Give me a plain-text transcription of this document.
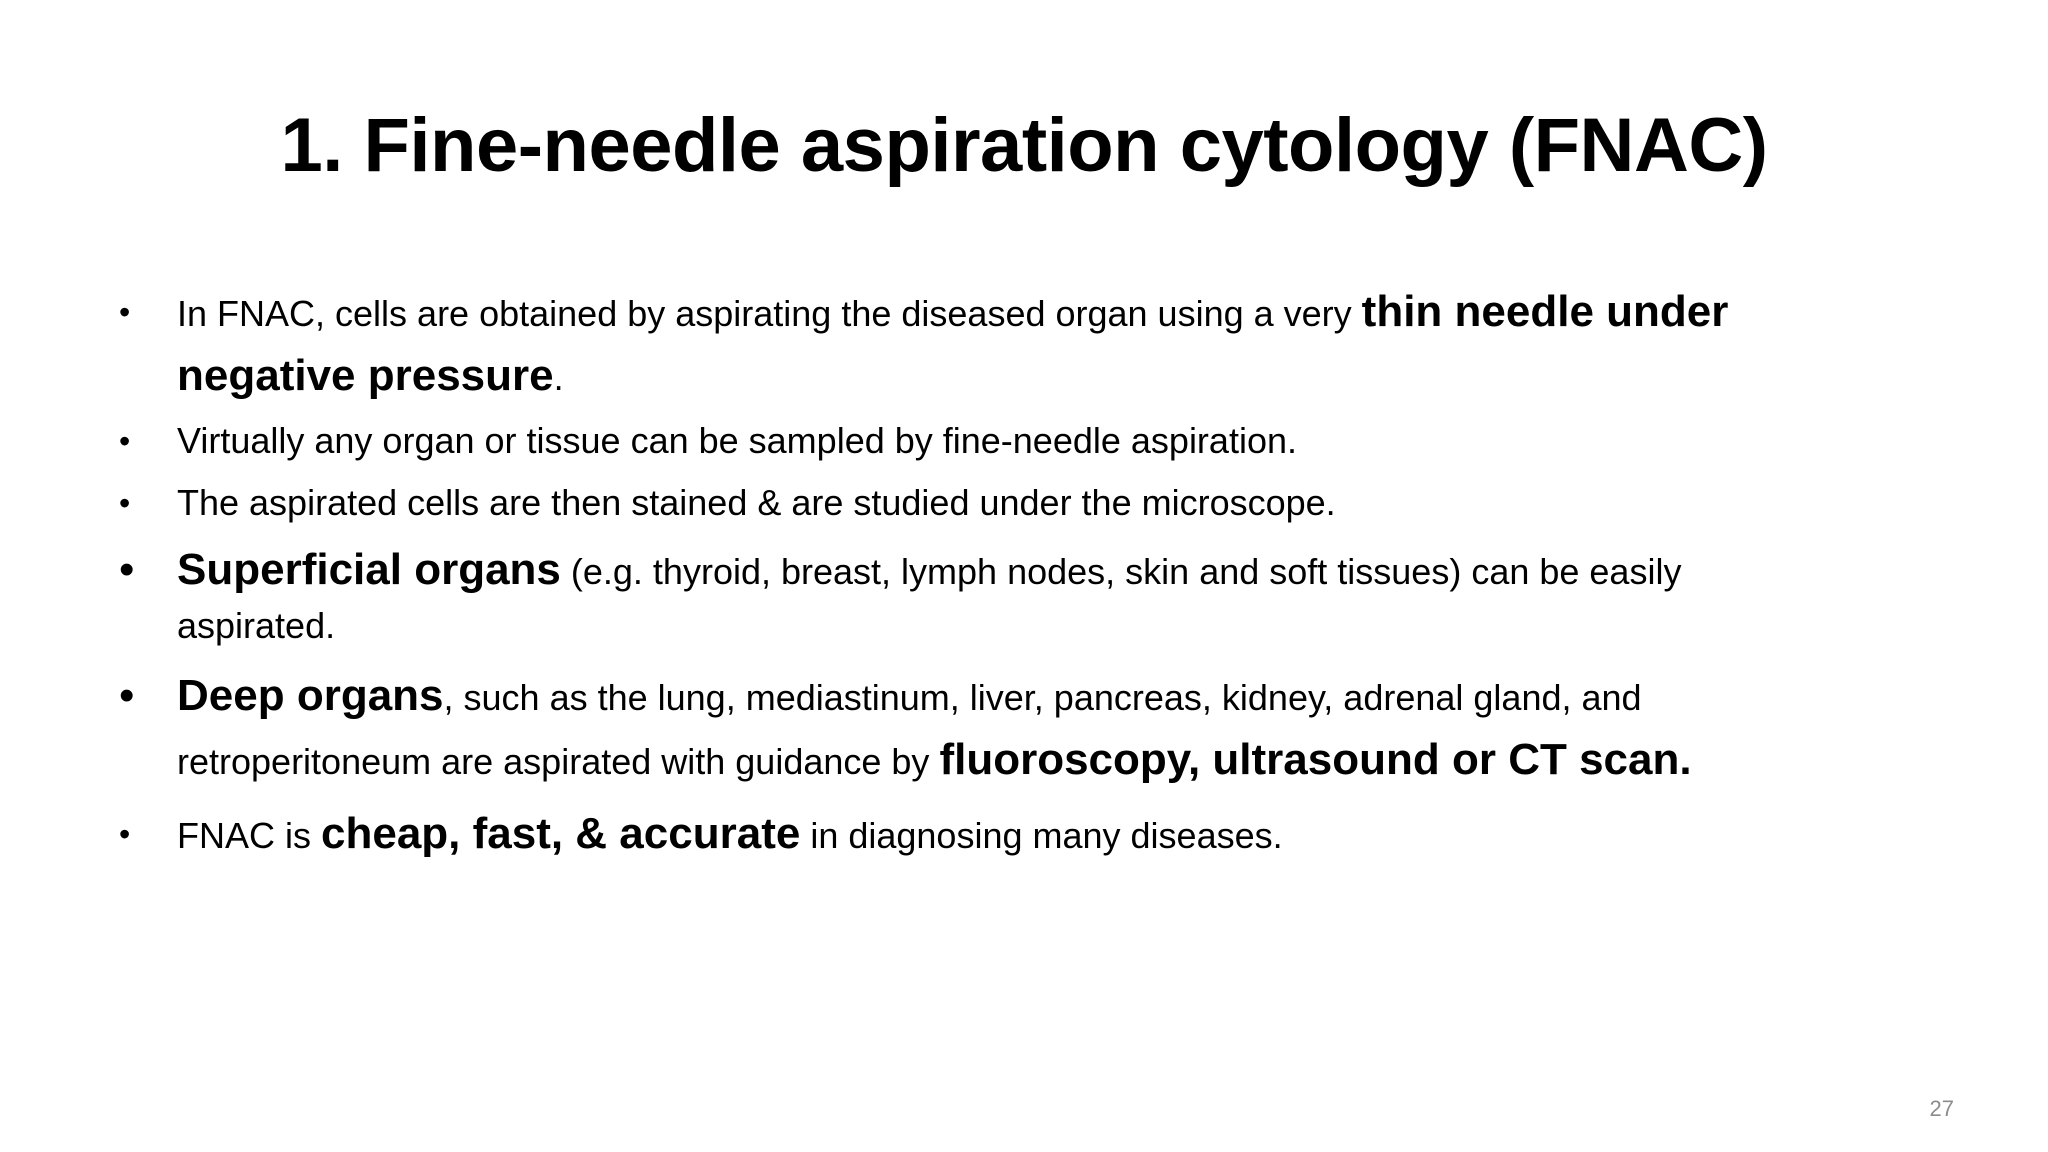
1. Fine-needle aspiration cytology (FNAC)
• In FNAC, cells are obtained by aspirating the diseased organ using a very thin needle under
negative pressure.
• Virtually any organ or tissue can be sampled by fine-needle aspiration.
• The aspirated cells are then stained & are studied under the microscope.
• Superficial organs (e.g. thyroid, breast, lymph nodes, skin and soft tissues) can be easily
aspirated.
• Deep organs, such as the lung, mediastinum, liver, pancreas, kidney, adrenal gland, and
retroperitoneum are aspirated with guidance by fluoroscopy, ultrasound or CT scan.
• FNAC is cheap, fast, & accurate in diagnosing many diseases.
27
